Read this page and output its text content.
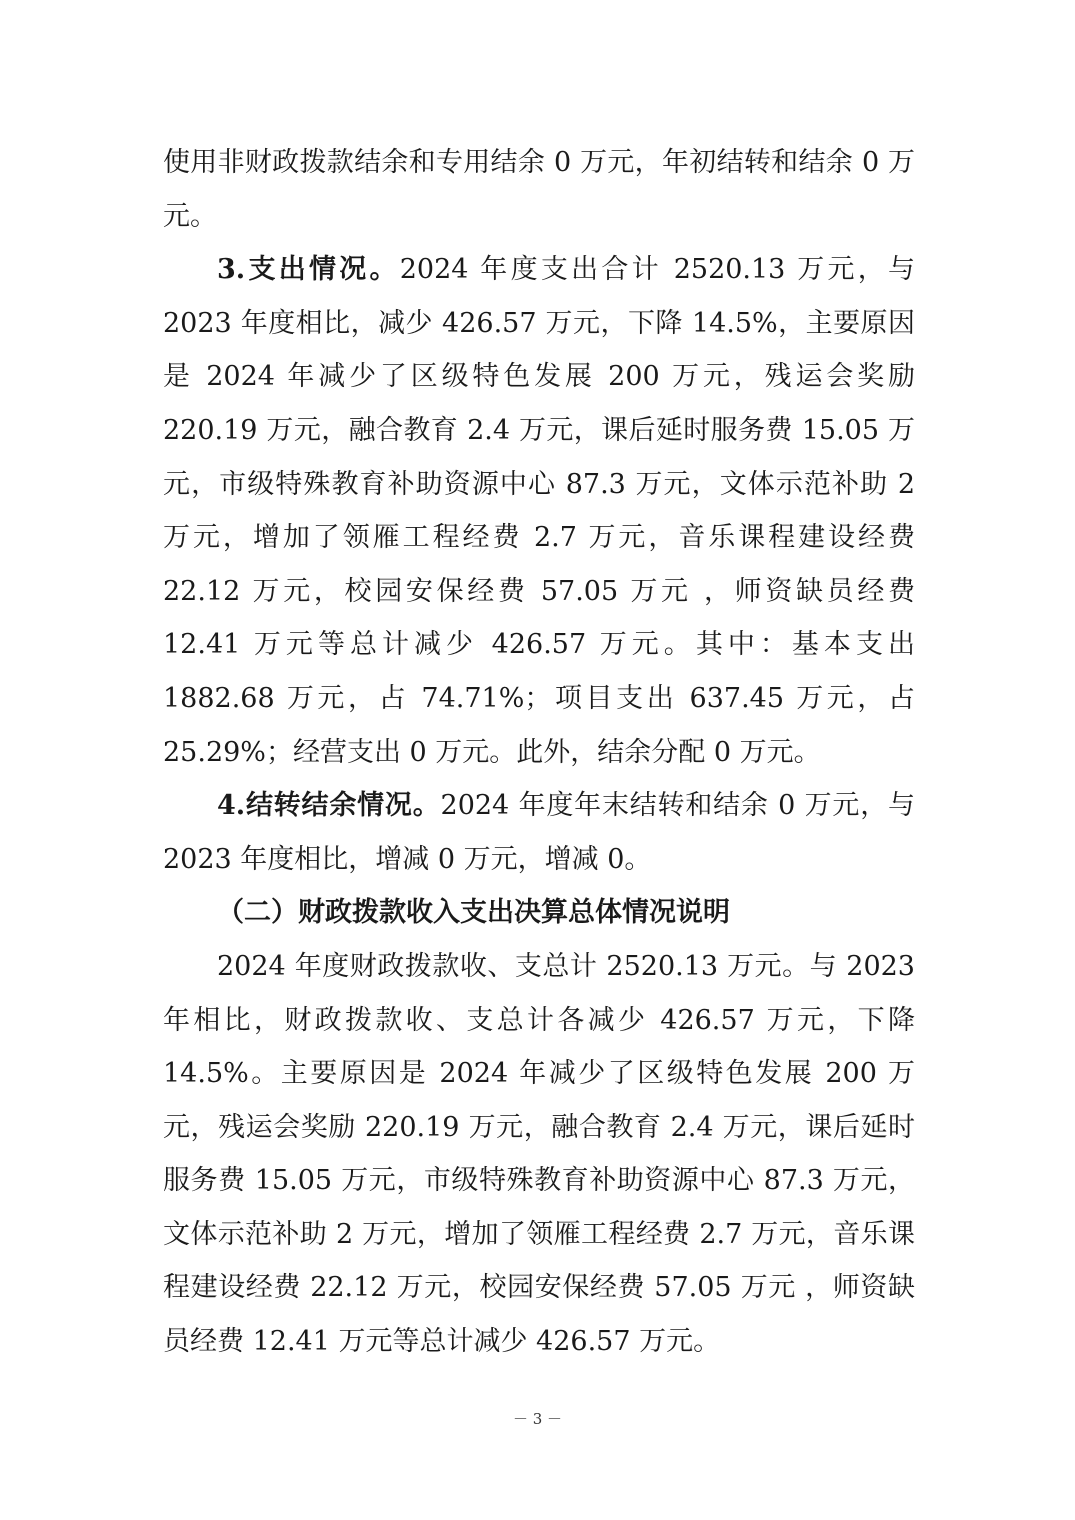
使用非财政拨款结余和专用结余 0 万元，年初结转和结余 0 万元。

3.支出情况。2024 年度支出合计 2520.13 万元，与 2023 年度相比，减少 426.57 万元，下降 14.5%，主要原因是 2024 年减少了区级特色发展 200 万元，残运会奖励 220.19 万元，融合教育 2.4 万元，课后延时服务费 15.05 万元，市级特殊教育补助资源中心 87.3 万元，文体示范补助 2 万元，增加了领雁工程经费 2.7 万元，音乐课程建设经费 22.12 万元，校园安保经费 57.05 万元 ，师资缺员经费 12.41 万元等总计减少 426.57 万元。其中：基本支出 1882.68 万元，占 74.71%；项目支出 637.45 万元，占 25.29%；经营支出 0 万元。此外，结余分配 0 万元。

4.结转结余情况。2024 年度年末结转和结余 0 万元，与 2023 年度相比，增减 0 万元，增减 0。

（二）财政拨款收入支出决算总体情况说明

2024 年度财政拨款收、支总计 2520.13 万元。与 2023 年相比，财政拨款收、支总计各减少 426.57 万元，下降 14.5%。主要原因是 2024 年减少了区级特色发展 200 万元，残运会奖励 220.19 万元，融合教育 2.4 万元，课后延时服务费 15.05 万元，市级特殊教育补助资源中心 87.3 万元，文体示范补助 2 万元，增加了领雁工程经费 2.7 万元，音乐课程建设经费 22.12 万元，校园安保经费 57.05 万元 ，师资缺员经费 12.41 万元等总计减少 426.57 万元。

－ 3 －
